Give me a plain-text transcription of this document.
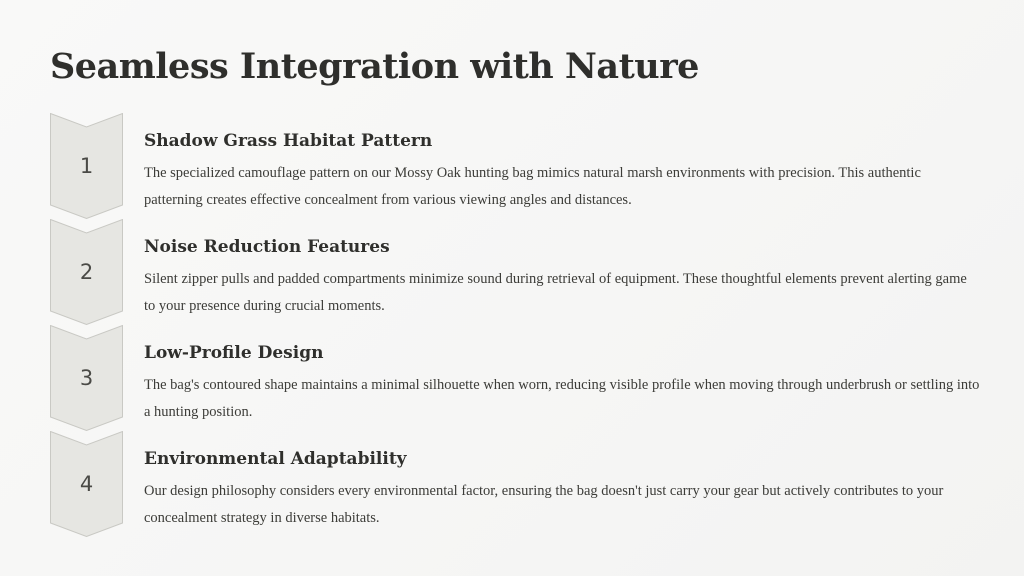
Seamless Integration with Nature
1
Shadow Grass Habitat Pattern

The specialized camouflage pattern on our Mossy Oak hunting bag mimics natural marsh environments with precision. This authentic patterning creates effective concealment from various viewing angles and distances.

2
Noise Reduction Features

Silent zipper pulls and padded compartments minimize sound during retrieval of equipment. These thoughtful elements prevent alerting game to your presence during crucial moments.

3
Low-Profile Design

The bag's contoured shape maintains a minimal silhouette when worn, reducing visible profile when moving through underbrush or settling into a hunting position.

4
Environmental Adaptability

Our design philosophy considers every environmental factor, ensuring the bag doesn't just carry your gear but actively contributes to your concealment strategy in diverse habitats.
